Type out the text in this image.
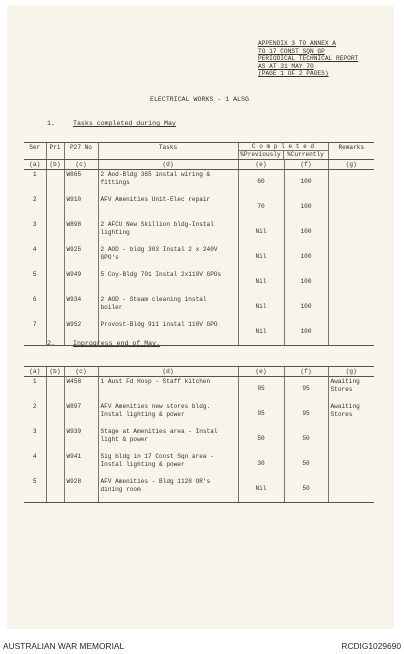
APPENDIX 3 TO ANNEX A
TO 17 CONST SQN GP
PERIODICAL TECHNICAL REPORT
AS AT 31 MAY 70
(PAGE 1 OF 2 PAGES)
ELECTRICAL WORKS - 1 ALSG
1.	Tasks completed during May
Ser	Pri	P27 No	Tasks	C o m p l e t e d
%Previously %Currently		Remarks
(a)	(b)	(c)	(d)	(e)	(f)	(g)
1		W865	2 Aod-Bldg 365 instal wiring &
fittings	60	100	
2		W910	AFV Amenities Unit-Elec repair	70	100	
3		W898	2 AFCU New Skillion bldg-Instal
lighting	Nil	100	
4		W925	2 AOD - bldg 303 Instal 2 x 240V
GPO's	Nil	100	
5		W949	5 Coy-Bldg 701 Instal 2x110V GPOs	Nil	100	
6		W934	2 AOD - Steam cleaning instal
boiler	Nil	100	
7		W952	Provost-Bldg 911 instal 110V GPO	Nil	100	
2.	Inprogress end of May.
(a)	(b)	(c)	(d)	(e)	(f)	(g)
1		W458	1 Aust Fd Hosp - Staff kitchen	95	95	Awaiting
Stores
2		W897	AFV Amenities new stores bldg.
Instal lighting & power	95	95	Awaiting
Stores
3		W939	Stage at Amenities area - Instal
light & power	50	50	
4		W941	Sig bldg in 17 Const Sqn area -
Instal lighting & power	30	50	
5		W928	AFV Amenities - Bldg 1128 OR's
dining room	Nil	50	
AUSTRALIAN WAR MEMORIAL	RCDIG1029690
